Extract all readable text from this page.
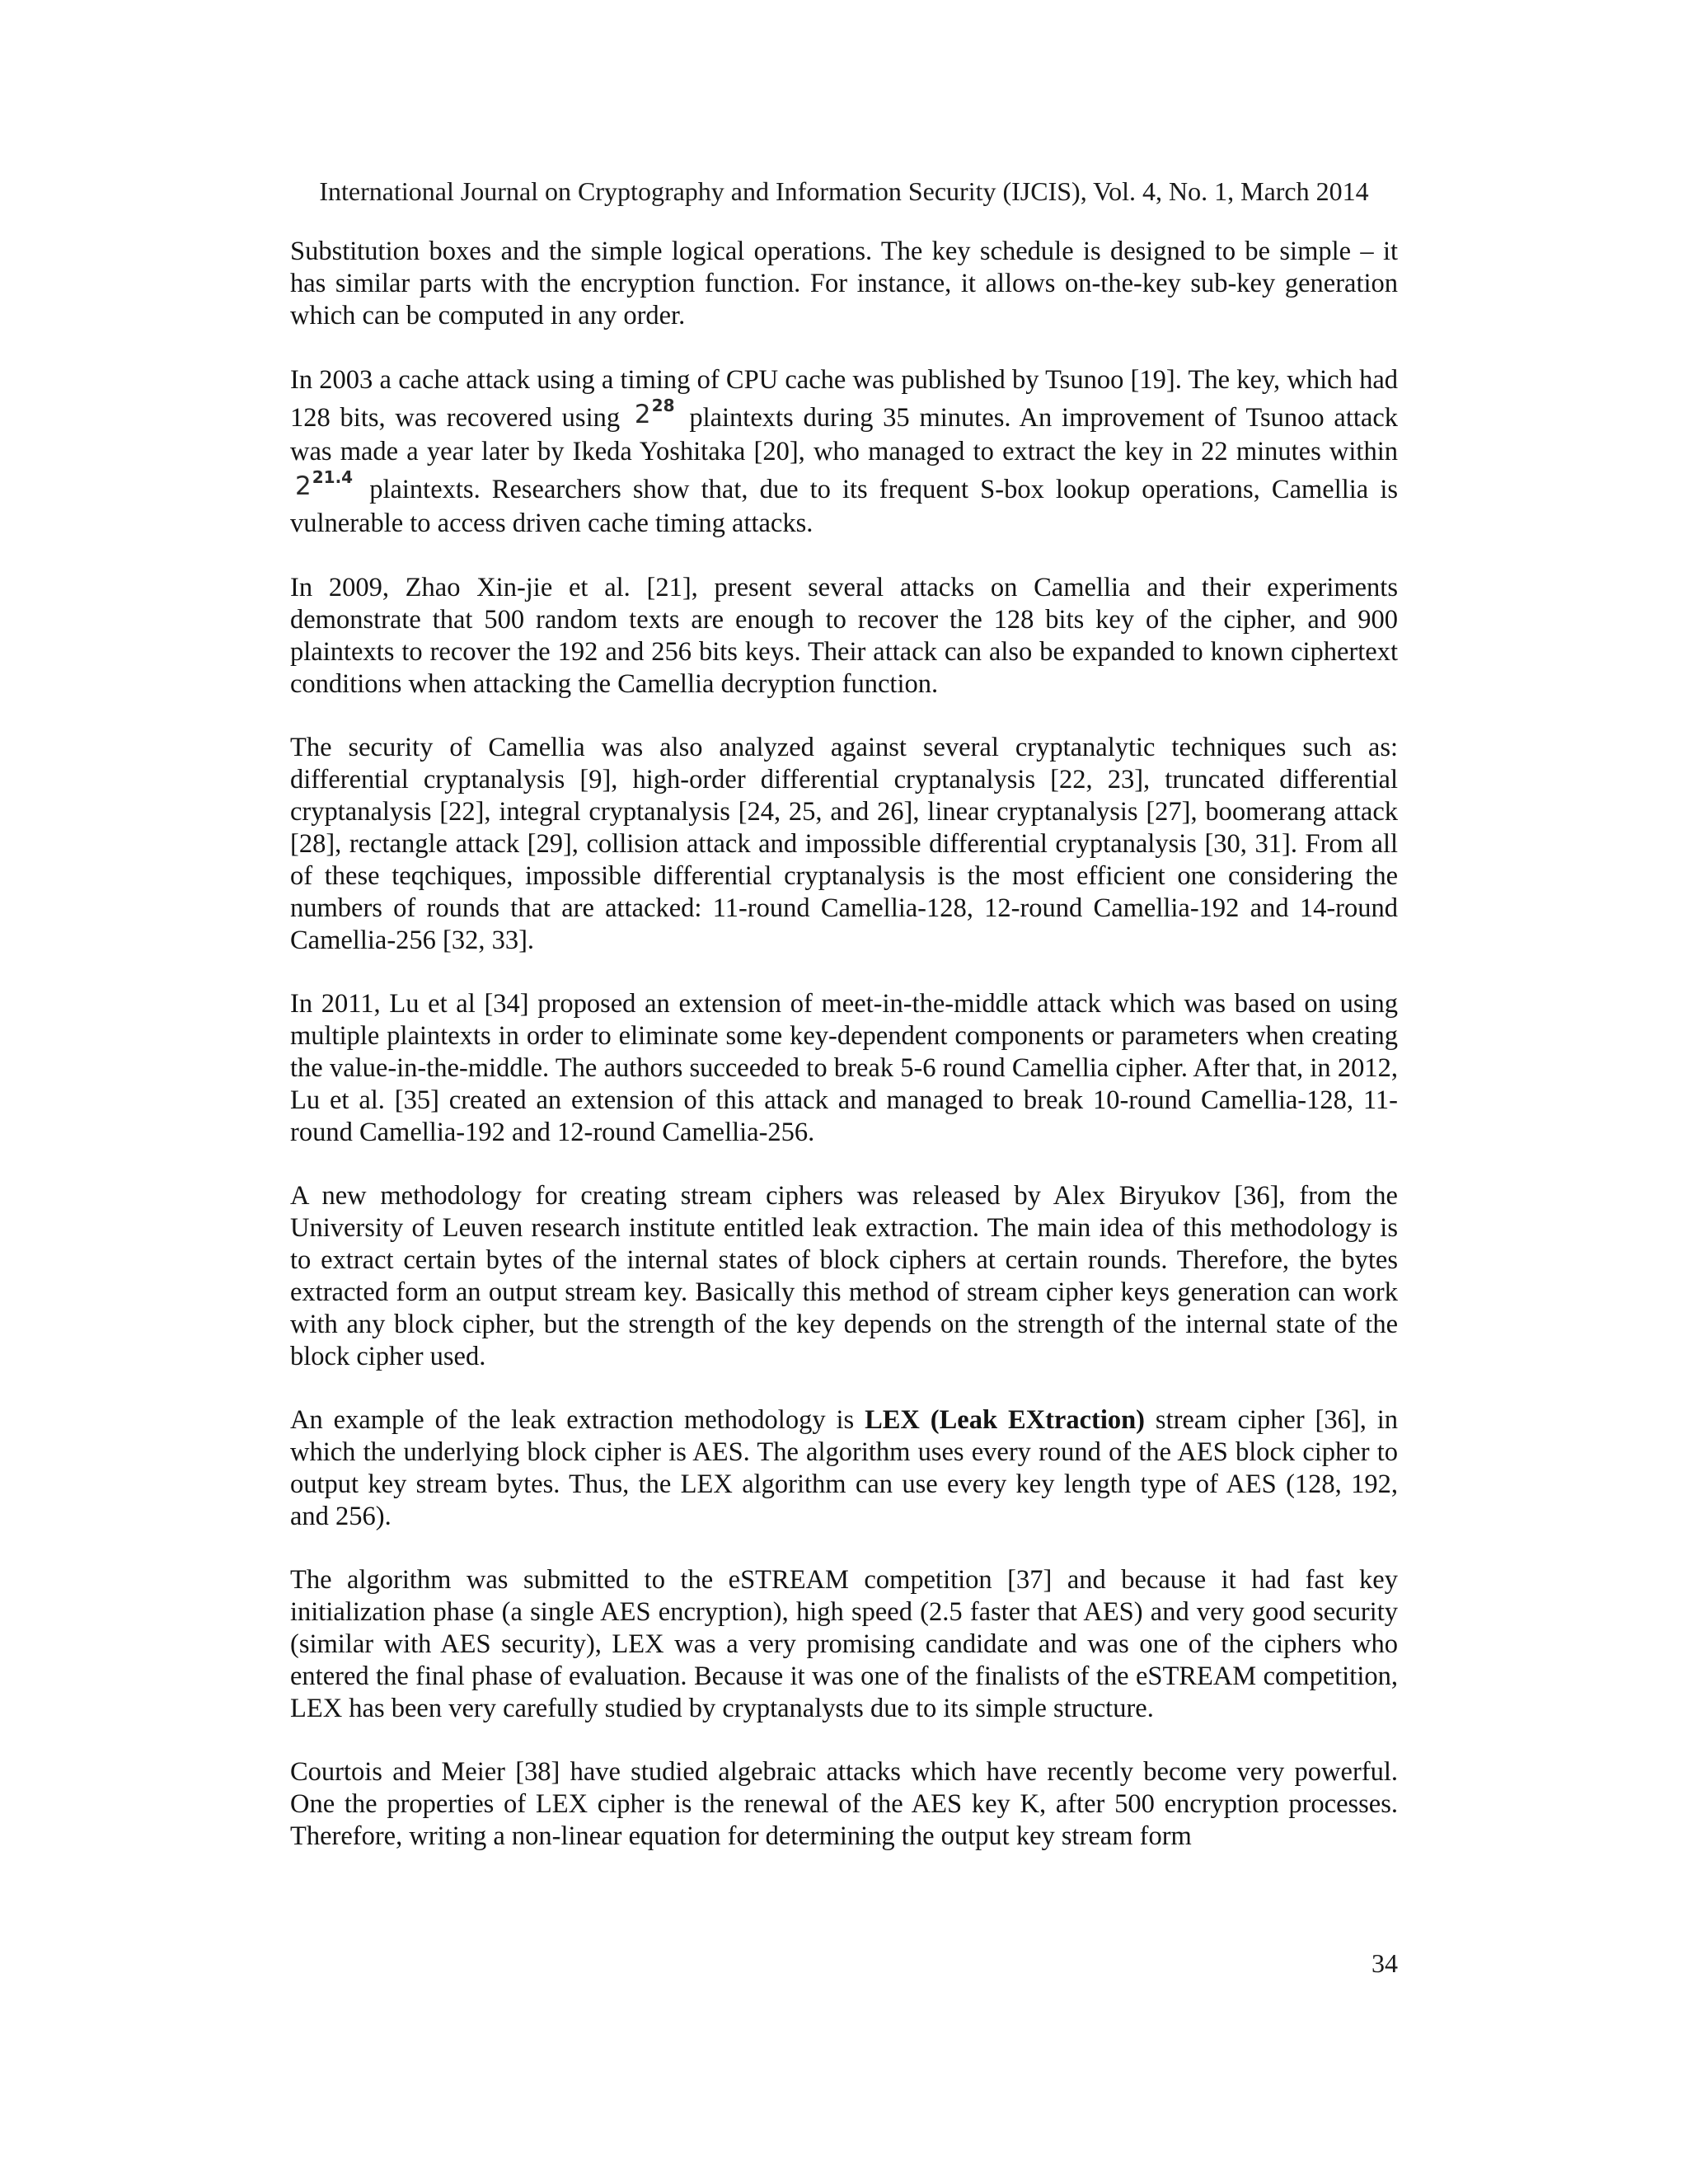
International Journal on Cryptography and Information Security (IJCIS), Vol. 4, No. 1, March 2014

Substitution boxes and the simple logical operations. The key schedule is designed to be simple – it has similar parts with the encryption function. For instance, it allows on-the-key sub-key generation which can be computed in any order.

In 2003 a cache attack using a timing of CPU cache was published by Tsunoo [19]. The key, which had 128 bits, was recovered using $2^{28}$ plaintexts during 35 minutes. An improvement of Tsunoo attack was made a year later by Ikeda Yoshitaka [20], who managed to extract the key in 22 minutes within $2^{21.4}$ plaintexts. Researchers show that, due to its frequent S-box lookup operations, Camellia is vulnerable to access driven cache timing attacks.

In 2009, Zhao Xin-jie et al. [21], present several attacks on Camellia and their experiments demonstrate that 500 random texts are enough to recover the 128 bits key of the cipher, and 900 plaintexts to recover the 192 and 256 bits keys. Their attack can also be expanded to known ciphertext conditions when attacking the Camellia decryption function.

The security of Camellia was also analyzed against several cryptanalytic techniques such as: differential cryptanalysis [9], high-order differential cryptanalysis [22, 23], truncated differential cryptanalysis [22], integral cryptanalysis [24, 25, and 26], linear cryptanalysis [27], boomerang attack [28], rectangle attack [29], collision attack and impossible differential cryptanalysis [30, 31]. From all of these teqchiques, impossible differential cryptanalysis is the most efficient one considering the numbers of rounds that are attacked: 11-round Camellia-128, 12-round Camellia-192 and 14-round Camellia-256 [32, 33].

In 2011, Lu et al [34] proposed an extension of meet-in-the-middle attack which was based on using multiple plaintexts in order to eliminate some key-dependent components or parameters when creating the value-in-the-middle. The authors succeeded to break 5-6 round Camellia cipher. After that, in 2012, Lu et al. [35] created an extension of this attack and managed to break 10-round Camellia-128, 11-round Camellia-192 and 12-round Camellia-256.

A new methodology for creating stream ciphers was released by Alex Biryukov [36], from the University of Leuven research institute entitled leak extraction. The main idea of this methodology is to extract certain bytes of the internal states of block ciphers at certain rounds. Therefore, the bytes extracted form an output stream key. Basically this method of stream cipher keys generation can work with any block cipher, but the strength of the key depends on the strength of the internal state of the block cipher used.

An example of the leak extraction methodology is LEX (Leak EXtraction) stream cipher [36], in which the underlying block cipher is AES. The algorithm uses every round of the AES block cipher to output key stream bytes. Thus, the LEX algorithm can use every key length type of AES (128, 192, and 256).

The algorithm was submitted to the eSTREAM competition [37] and because it had fast key initialization phase (a single AES encryption), high speed (2.5 faster that AES) and very good security (similar with AES security), LEX was a very promising candidate and was one of the ciphers who entered the final phase of evaluation. Because it was one of the finalists of the eSTREAM competition, LEX has been very carefully studied by cryptanalysts due to its simple structure.

Courtois and Meier [38] have studied algebraic attacks which have recently become very powerful. One the properties of LEX cipher is the renewal of the AES key K, after 500 encryption processes. Therefore, writing a non-linear equation for determining the output key stream form

34
